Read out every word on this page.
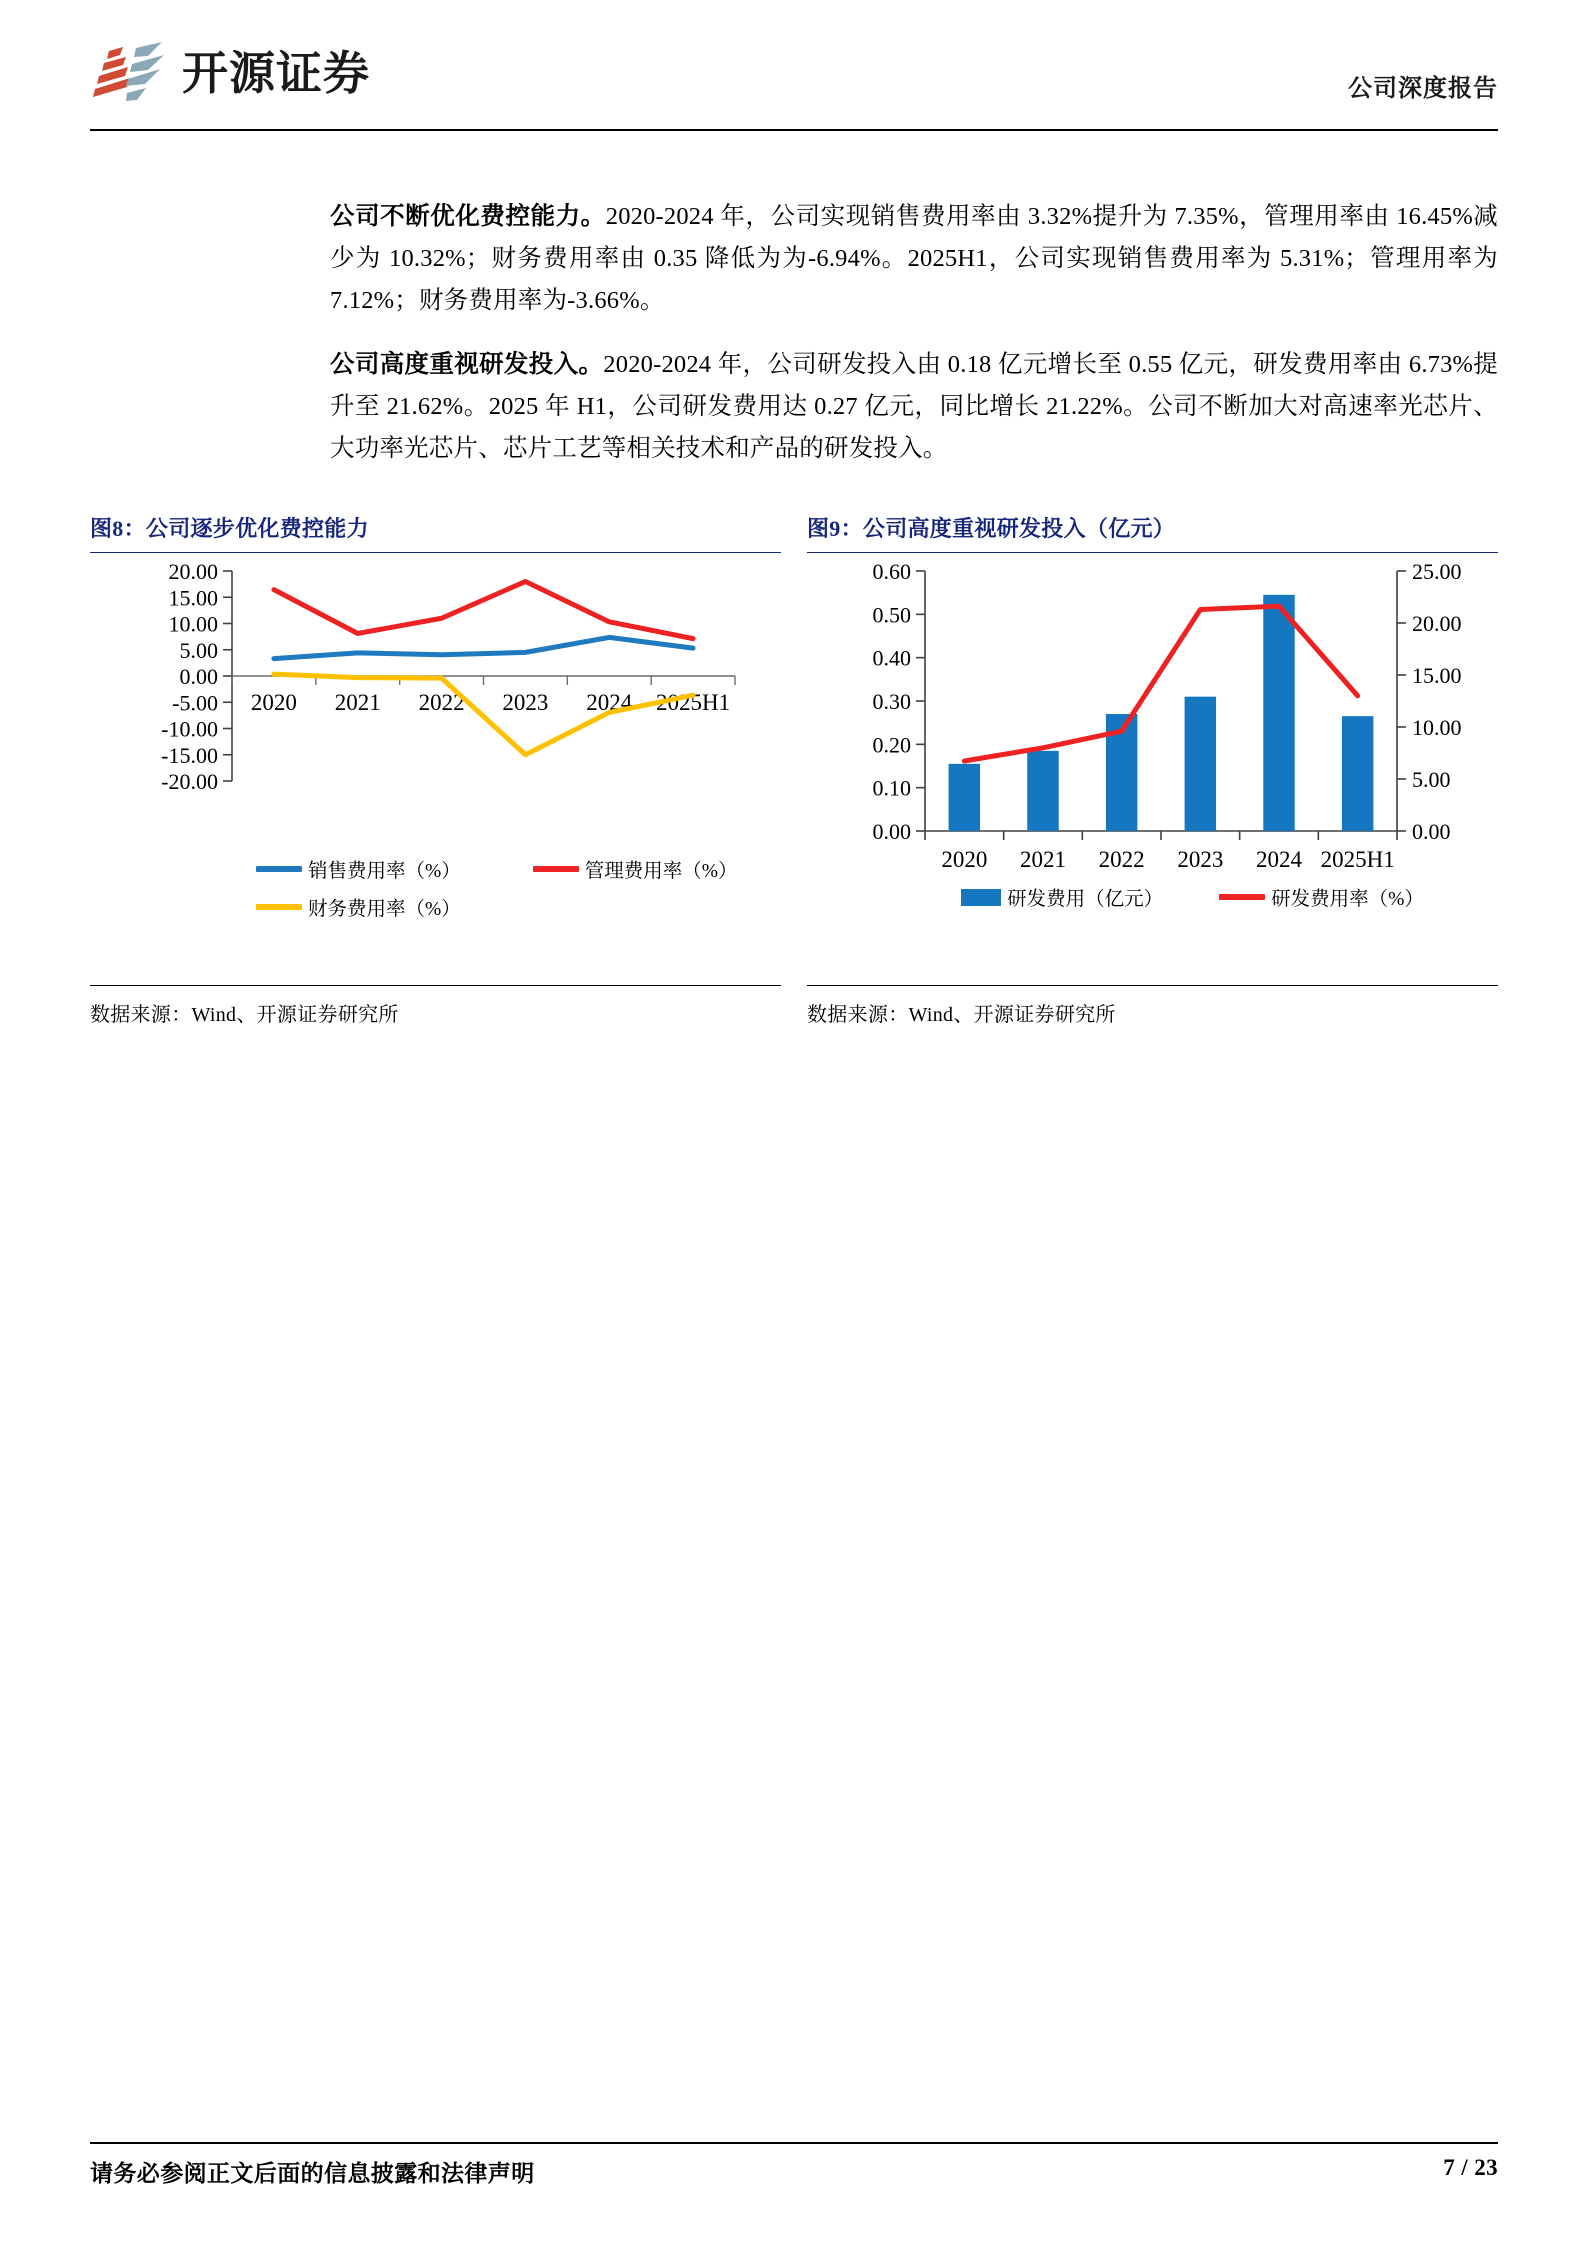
开源证券	公司深度报告

公司不断优化费控能力。2020-2024 年，公司实现销售费用率由 3.32%提升为 7.35%，管理用率由 16.45%减少为 10.32%；财务费用率由 0.35 降低为为-6.94%。2025H1，公司实现销售费用率为 5.31%；管理用率为 7.12%；财务费用率为-3.66%。

公司高度重视研发投入。2020-2024 年，公司研发投入由 0.18 亿元增长至 0.55 亿元，研发费用率由 6.73%提升至 21.62%。2025 年 H1，公司研发费用达 0.27 亿元，同比增长 21.22%。公司不断加大对高速率光芯片、大功率光芯片、芯片工艺等相关技术和产品的研发投入。

图8：公司逐步优化费控能力
20.00
15.00
10.00
5.00
0.00
-5.00
-10.00
-15.00
-20.00
2020 2021 2022 2023 2024 2025H1
销售费用率（%）	管理费用率（%）
财务费用率（%）
数据来源：Wind、开源证券研究所
图9：公司高度重视研发投入（亿元）
0.60
0.50
0.40
0.30
0.20
0.10
0.00
25.00
20.00
15.00
10.00
5.00
0.00
2020 2021 2022 2023 2024 2025H1
研发费用（亿元）	研发费用率（%）
数据来源：Wind、开源证券研究所
请务必参阅正文后面的信息披露和法律声明	7 / 23
